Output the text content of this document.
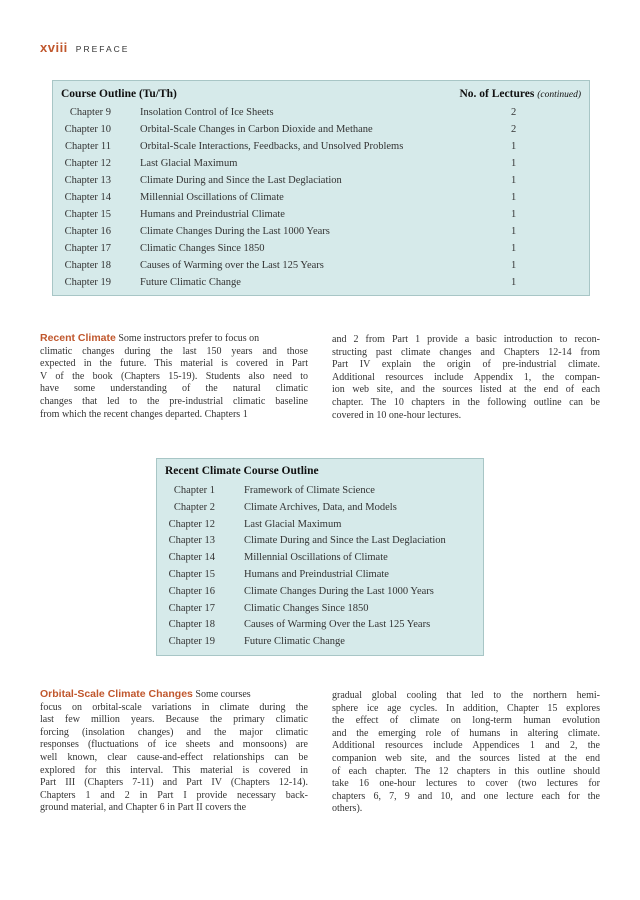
xviii PREFACE
Course Outline (Tu/Th)	No. of Lectures (continued)
Chapter 9	Insolation Control of Ice Sheets	2
Chapter 10	Orbital-Scale Changes in Carbon Dioxide and Methane	2
Chapter 11	Orbital-Scale Interactions, Feedbacks, and Unsolved Problems	1
Chapter 12	Last Glacial Maximum	1
Chapter 13	Climate During and Since the Last Deglaciation	1
Chapter 14	Millennial Oscillations of Climate	1
Chapter 15	Humans and Preindustrial Climate	1
Chapter 16	Climate Changes During the Last 1000 Years	1
Chapter 17	Climatic Changes Since 1850	1
Chapter 18	Causes of Warming over the Last 125 Years	1
Chapter 19	Future Climatic Change	1
Recent Climate Some instructors prefer to focus on
climatic changes during the last 150 years and those
expected in the future. This material is covered in Part
V of the book (Chapters 15-19). Students also need to
have some understanding of the natural climatic
changes that led to the pre-industrial climatic baseline
from which the recent changes departed. Chapters 1
and 2 from Part 1 provide a basic introduction to recon-
structing past climate changes and Chapters 12-14 from
Part IV explain the origin of pre-industrial climate.
Additional resources include Appendix 1, the compan-
ion web site, and the sources listed at the end of each
chapter. The 10 chapters in the following outline can be
covered in 10 one-hour lectures.
Recent Climate Course Outline
Chapter 1	Framework of Climate Science
Chapter 2	Climate Archives, Data, and Models
Chapter 12	Last Glacial Maximum
Chapter 13	Climate During and Since the Last Deglaciation
Chapter 14	Millennial Oscillations of Climate
Chapter 15	Humans and Preindustrial Climate
Chapter 16	Climate Changes During the Last 1000 Years
Chapter 17	Climatic Changes Since 1850
Chapter 18	Causes of Warming Over the Last 125 Years
Chapter 19	Future Climatic Change
Orbital-Scale Climate Changes Some courses
focus on orbital-scale variations in climate during the
last few million years. Because the primary climatic
forcing (insolation changes) and the major climatic
responses (fluctuations of ice sheets and monsoons) are
well known, clear cause-and-effect relationships can be
explored for this interval. This material is covered in
Part III (Chapters 7-11) and Part IV (Chapters 12-14).
Chapters 1 and 2 in Part I provide necessary back-
ground material, and Chapter 6 in Part II covers the
gradual global cooling that led to the northern hemi-
sphere ice age cycles. In addition, Chapter 15 explores
the effect of climate on long-term human evolution
and the emerging role of humans in altering climate.
Additional resources include Appendices 1 and 2, the
companion web site, and the sources listed at the end
of each chapter. The 12 chapters in this outline should
take 16 one-hour lectures to cover (two lectures for
chapters 6, 7, 9 and 10, and one lecture each for the
others).
